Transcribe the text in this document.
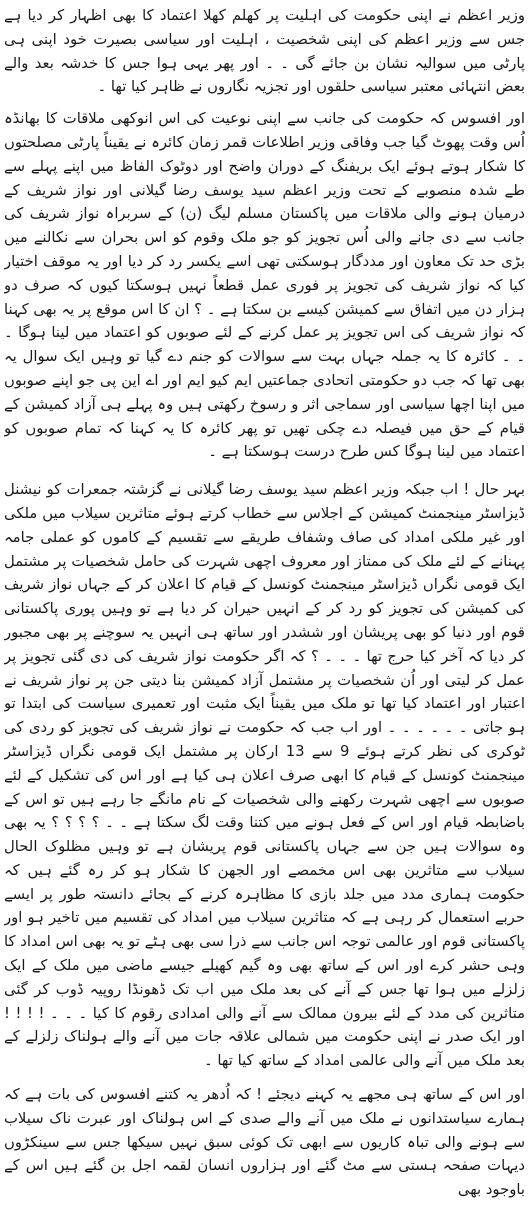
وزیر اعظم نے اپنی حکومت کی اہلیت پر کھلم کھلا اعتماد کا بھی اظہار کر دیا ہے جس سے وزیر اعظم کی اپنی شخصیت ، اہلیت اور سیاسی بصیرت خود اپنی ہی پارٹی میں سوالیہ نشان بن جائے گی ۔ ۔ اور پھر یہی ہوا جس کا خدشہ بعد والے بعض انتہائی معتبر سیاسی حلقوں اور تجزیہ نگاروں نے ظاہر کیا تھا ۔

اور افسوس کہ حکومت کی جانب سے اپنی نوعیت کی اس انوکھی ملاقات کا بھانڈہ اُس وقت پھوٹ گیا جب وفاقی وزیر اطلاعات قمر زمان کائرہ نے یقیناً پارٹی مصلحتوں کا شکار ہوتے ہوئے ایک بریفنگ کے دوران واضح اور دوٹوک الفاظ میں اپنے پہلے سے طے شدہ منصوبے کے تحت وزیر اعظم سید یوسف رضا گیلانی اور نواز شریف کے درمیان ہونے والی ملاقات میں پاکستان مسلم لیگ (ن) کے سربراہ نواز شریف کی جانب سے دی جانے والی اُس تجویز کو جو ملک وقوم کو اس بحران سے نکالنے میں بڑی حد تک معاون اور مددگار ہوسکتی تھی اسے یکسر رد کر دیا اور یہ موقف اختیار کیا کہ نواز شریف کی تجویز پر فوری عمل قطعاً نہیں ہوسکتا کیوں کہ صرف دو ہزار دن میں اتفاق سے کمیشن کیسے بن سکتا ہے ۔ ؟ ان کا اس موقع پر یہ بھی کہنا کہ نواز شریف کی اس تجویز پر عمل کرنے کے لئے صوبوں کو اعتماد میں لینا ہوگا ۔ ۔ ۔ کائرہ کا یہ جملہ جہاں بہت سے سوالات کو جنم دے گیا تو وہیں ایک سوال یہ بھی تھا کہ جب دو حکومتی اتحادی جماعتیں ایم کیو ایم اور اے این پی جو اپنے صوبوں میں اپنا اچھا سیاسی اور سماجی اثر و رسوخ رکھتی ہیں وہ پہلے ہی آزاد کمیشن کے قیام کے حق میں فیصلہ دے چکی تھیں تو پھر کائرہ کا یہ کہنا کہ تمام صوبوں کو اعتماد میں لینا ہوگا کس طرح درست ہوسکتا ہے ۔

بہر حال ! اب جبکہ وزیر اعظم سید یوسف رضا گیلانی نے گزشتہ جمعرات کو نیشنل ڈیزاسٹر مینجمنٹ کمیشن کے اجلاس سے خطاب کرتے ہوئے متاثرین سیلاب میں ملکی اور غیر ملکی امداد کی صاف وشفاف طریقے سے تقسیم کے کاموں کو عملی جامہ پہنانے کے لئے ملک کی ممتاز اور معروف اچھی شہرت کی حامل شخصیات پر مشتمل ایک قومی نگراں ڈیزاسٹر مینجمنٹ کونسل کے قیام کا اعلان کر کے جہاں نواز شریف کی کمیشن کی تجویز کو رد کر کے انہیں حیران کر دیا ہے تو وہیں پوری پاکستانی قوم اور دنیا کو بھی پریشان اور ششدر اور ساتھ ہی انہیں یہ سوچنے پر بھی مجبور کر دیا کہ آخر کیا حرج تھا ۔ ۔ ۔ ؟ کہ اگر حکومت نواز شریف کی دی گئی تجویز پر عمل کر لیتی اور اُن شخصیات پر مشتمل آزاد کمیشن بنا دیتی جن پر نواز شریف نے اعتبار اور اعتماد کیا تھا تو ملک میں یقیناً ایک مثبت اور تعمیری سیاست کی ابتدا تو ہو جاتی ۔ ۔ ۔ ۔ ۔ ۔ اور اب جب کہ حکومت نے نواز شریف کی تجویز کو ردی کی ٹوکری کی نظر کرتے ہوئے 9 سے 13 ارکان پر مشتمل ایک قومی نگراں ڈیزاسٹر مینجمنٹ کونسل کے قیام کا ابھی صرف اعلان ہی کیا ہے اور اس کی تشکیل کے لئے صوبوں سے اچھی شہرت رکھنے والی شخصیات کے نام مانگے جا رہے ہیں تو اس کے باضابطہ قیام اور اس کے فعل ہونے میں کتنا وقت لگ سکتا ہے ۔ ۔ ؟ ؟ ؟ ؟ یہ بھی وہ سوالات ہیں جن سے جہاں پاکستانی قوم پریشان ہے تو وہیں مظلوک الحال سیلاب سے متاثرین بھی اس مخمصے اور الجھن کا شکار ہو کر رہ گئے ہیں کہ حکومت ہماری مدد میں جلد بازی کا مظاہرہ کرنے کے بجائے دانستہ طور پر ایسے حربے استعمال کر رہی ہے کہ متاثرین سیلاب میں امداد کی تقسیم میں تاخیر ہو اور پاکستانی قوم اور عالمی توجہ اس جانب سے ذرا سی بھی ہٹے تو یہ بھی اس امداد کا وہی حشر کرے اور اس کے ساتھ بھی وہ گیم کھیلے جیسے ماضی میں ملک کے ایک زلزلے میں ہوا تھا جس کے آنے کی بعد ملک میں اب تک ڈھونڈا روپیہ ڈوب کر گئی متاثرین کی مدد کے لئے بیرون ممالک سے آنے والی امدادی رقوم کا کیا ۔ ۔ ۔ ! ! ! ! اور ایک صدر نے اپنی حکومت میں شمالی علاقہ جات میں آنے والے ہولناک زلزلے کے بعد ملک میں آنے والی عالمی امداد کے ساتھ کیا تھا ۔

اور اس کے ساتھ ہی مجھے یہ کہنے دیجئے ! کہ اُدھر یہ کتنے افسوس کی بات ہے کہ ہمارے سیاستدانوں نے ملک میں آنے والے صدی کے اس ہولناک اور عبرت ناک سیلاب سے ہونے والی تباہ کاریوں سے ابھی تک کوئی سبق نہیں سیکھا جس سے سینکڑوں دیہات صفحہ ہستی سے مٹ گئے اور ہزاروں انسان لقمہ اجل بن گئے ہیں اس کے باوجود بھی
